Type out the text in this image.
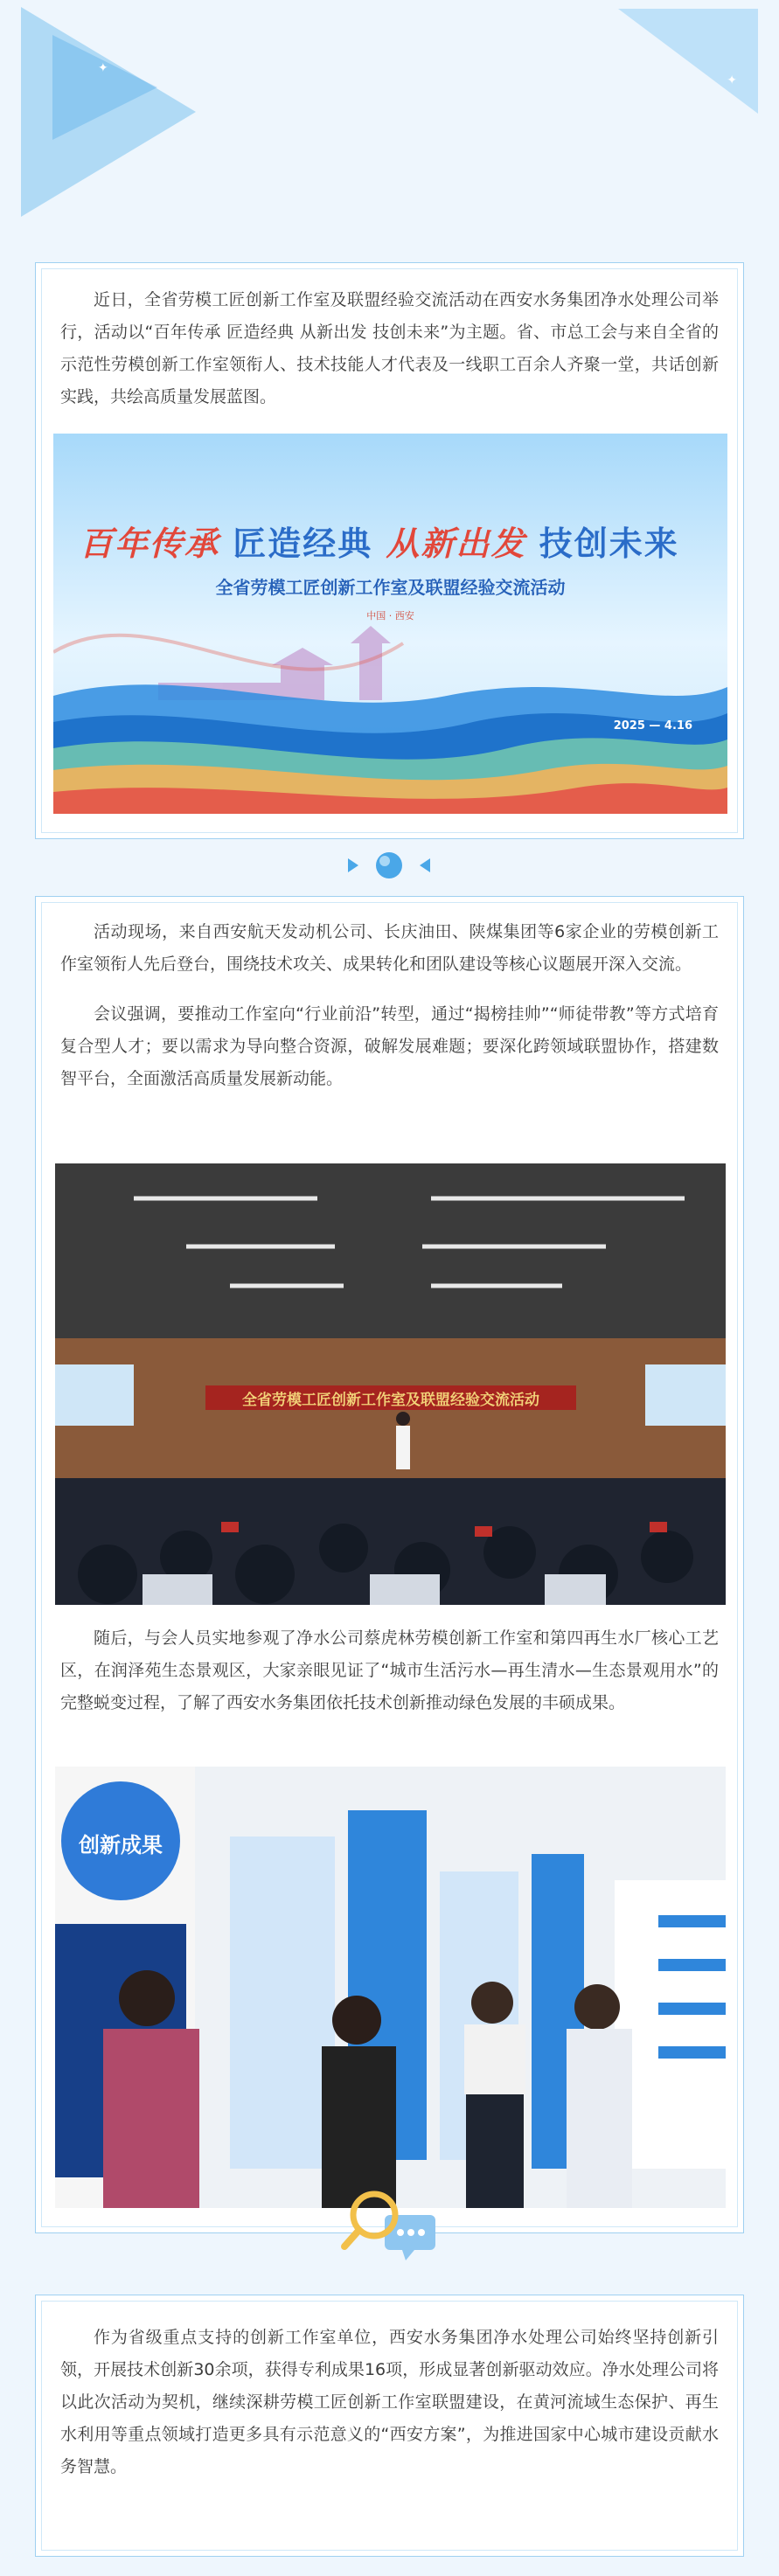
✦
✦

近日，全省劳模工匠创新工作室及联盟经验交流活动在西安水务集团净水处理公司举行，活动以“百年传承 匠造经典 从新出发 技创未来”为主题。省、市总工会与来自全省的示范性劳模创新工作室领衔人、技术技能人才代表及一线职工百余人齐聚一堂，共话创新实践，共绘高质量发展蓝图。

百年传承 匠造经典 从新出发 技创未来
全省劳模工匠创新工作室及联盟经验交流活动
中国 · 西安
2025 — 4.16

活动现场，来自西安航天发动机公司、长庆油田、陕煤集团等6家企业的劳模创新工作室领衔人先后登台，围绕技术攻关、成果转化和团队建设等核心议题展开深入交流。

会议强调，要推动工作室向“行业前沿”转型，通过“揭榜挂帅”“师徒带教”等方式培育复合型人才；要以需求为导向整合资源，破解发展难题；要深化跨领域联盟协作，搭建数智平台，全面激活高质量发展新动能。

全省劳模工匠创新工作室及联盟经验交流活动

随后，与会人员实地参观了净水公司蔡虎林劳模创新工作室和第四再生水厂核心工艺区，在润泽苑生态景观区，大家亲眼见证了“城市生活污水—再生清水—生态景观用水”的完整蜕变过程，了解了西安水务集团依托技术创新推动绿色发展的丰硕成果。

创新成果

作为省级重点支持的创新工作室单位，西安水务集团净水处理公司始终坚持创新引领，开展技术创新30余项，获得专利成果16项，形成显著创新驱动效应。净水处理公司将以此次活动为契机，继续深耕劳模工匠创新工作室联盟建设，在黄河流域生态保护、再生水利用等重点领域打造更多具有示范意义的“西安方案”，为推进国家中心城市建设贡献水务智慧。
